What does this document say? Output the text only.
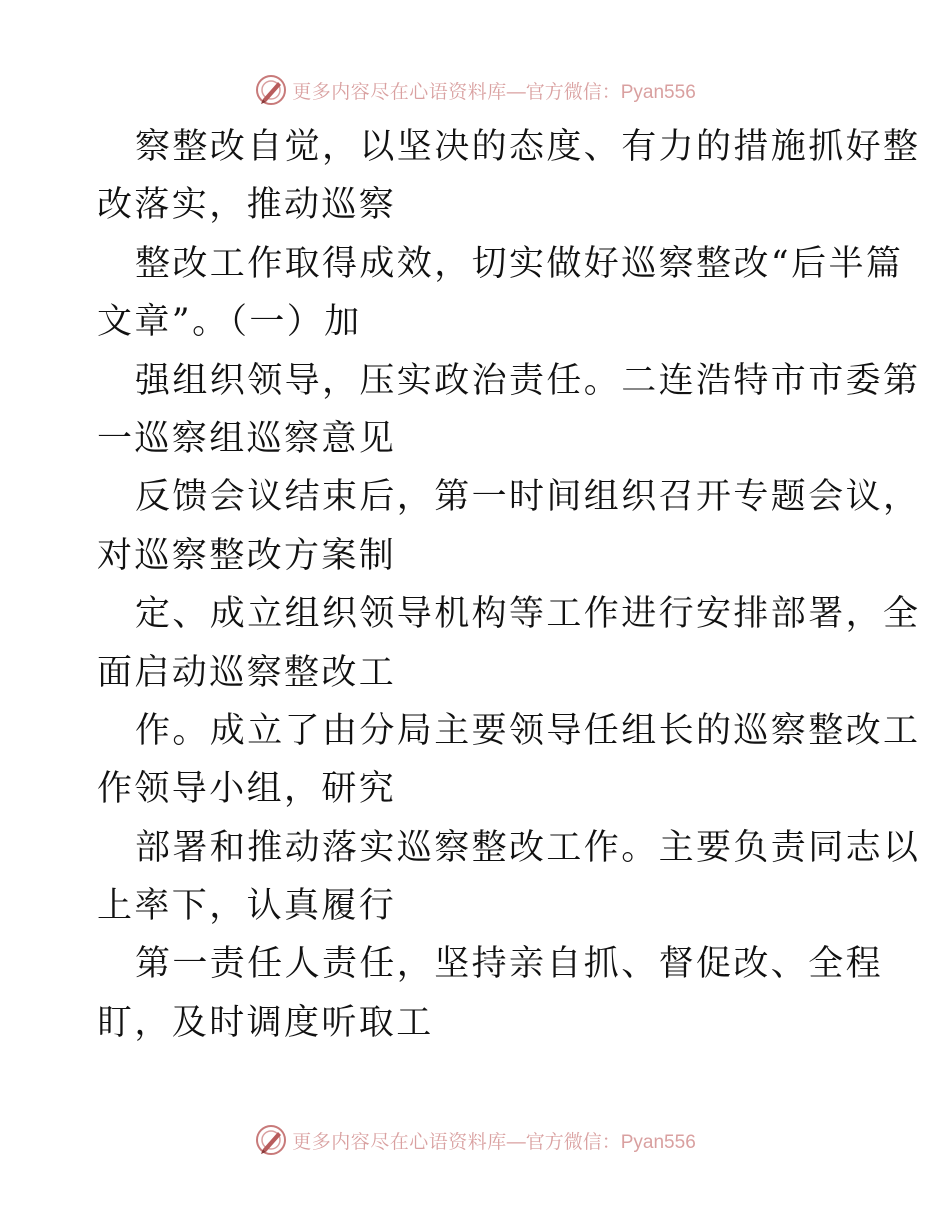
更多内容尽在心语资料库 —官方微信：Pyan556
察整改自觉，以坚决的态度、有力的措施抓好整
改落实，推动巡察
整改工作取得成效，切实做好巡察整改“后半篇
文章”。（一）加
强组织领导，压实政治责任。二连浩特市市委第
一巡察组巡察意见
反馈会议结束后，第一时间组织召开专题会议，
对巡察整改方案制
定、成立组织领导机构等工作进行安排部署，全
面启动巡察整改工
作。成立了由分局主要领导任组长的巡察整改工
作领导小组，研究
部署和推动落实巡察整改工作。主要负责同志以
上率下，认真履行
第一责任人责任，坚持亲自抓、督促改、全程
盯，及时调度听取工
更多内容尽在心语资料库 —官方微信：Pyan556
